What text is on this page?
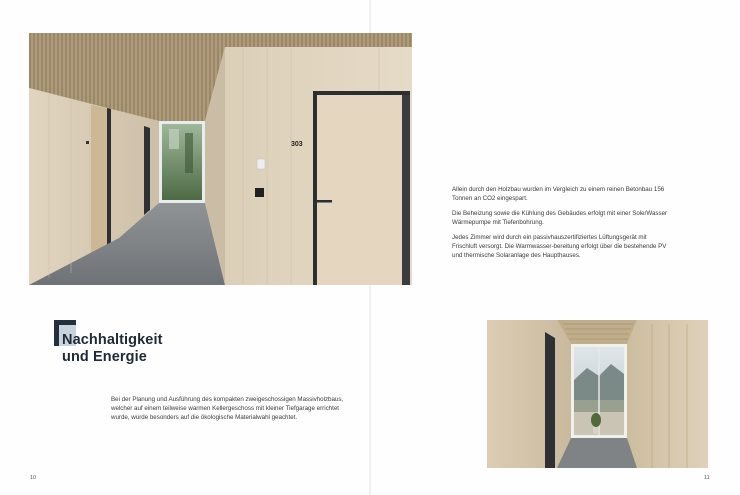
303

Allein durch den Holzbau wurden im Vergleich zu einem reinen Betonbau 156 Tonnen an CO2 eingespart.

Die Beheizung sowie die Kühlung des Gebäudes erfolgt mit einer Sole/Wasser Wärmepumpe mit Tiefenbohrung.

Jedes Zimmer wird durch ein passivhauszertifiziertes Lüftungsgerät mit Frischluft versorgt. Die Warmwasser-bereitung erfolgt über die bestehende PV und thermische Solaranlage des Haupthauses.

Nachhaltigkeit
und Energie

Bei der Planung und Ausführung des kompakten zweigeschossigen Massivholzbaus, welcher auf einem teilweise warmen Kellergeschoss mit kleiner Tiefgarage errichtet wurde, wurde besonders auf die ökologische Materialwahl geachtet.

10	11
